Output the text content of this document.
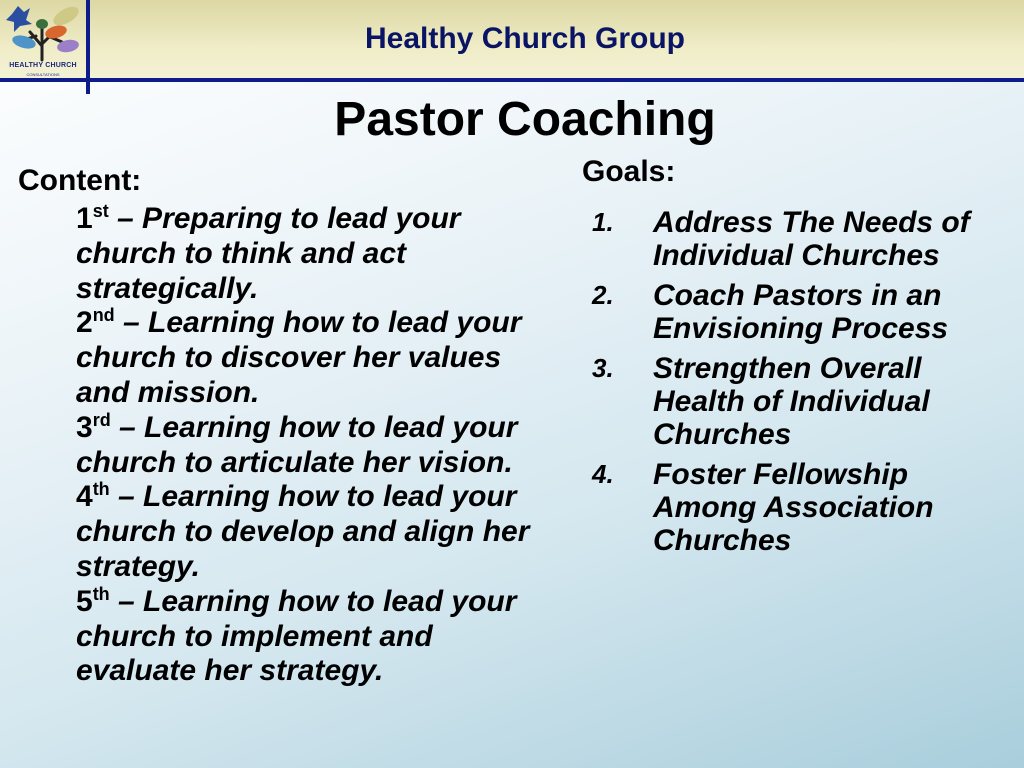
HEALTHY CHURCH
CONSULTATIONS
Healthy Church Group
Pastor Coaching
Content:
1st – Preparing to lead your church to think and act strategically.
2nd – Learning how to lead your church to discover her values and mission.
3rd – Learning how to lead your church to articulate her vision.
4th – Learning how to lead your church to develop and align her strategy.
5th – Learning how to lead your church to implement and evaluate her strategy.
Goals:
1.	Address The Needs of Individual Churches
2.	Coach Pastors in an Envisioning Process
3.	Strengthen Overall Health of Individual Churches
4.	Foster Fellowship Among Association Churches
